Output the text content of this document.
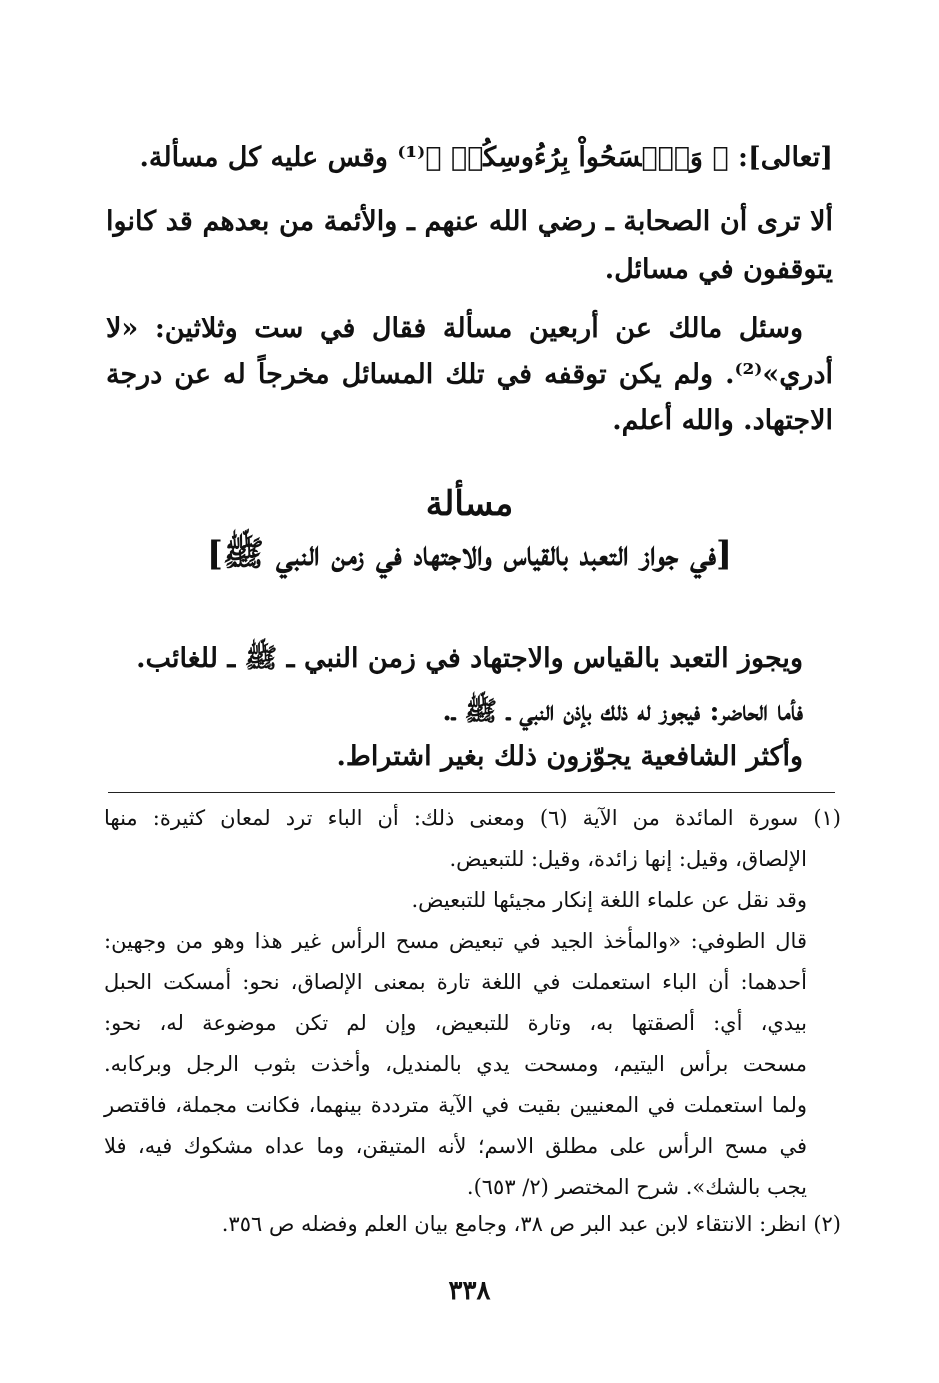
[تعالى]: ﴿ وَٱمۡسَحُواْ بِرُءُوسِكُمۡ ﴾⁽¹⁾ وقس عليه كل مسألة.
ألا ترى أن الصحابة ـ رضي الله عنهم ـ والأئمة من بعدهم قد كانوا
يتوقفون في مسائل.
وسئل مالك عن أربعين مسألة فقال في ست وثلاثين: «لا
أدري»⁽²⁾. ولم يكن توقفه في تلك المسائل مخرجاً له عن درجة
الاجتهاد. والله أعلم.
مسألة
[في جواز التعبد بالقياس والاجتهاد في زمن النبي ﷺ]
ويجوز التعبد بالقياس والاجتهاد في زمن النبي ـ ﷺ ـ للغائب.
فأما الحاضر: فيجوز له ذلك بإذن النبي ـ ﷺ ـ.
وأكثر الشافعية يجوّزون ذلك بغير اشتراط.
(١) سورة المائدة من الآية (٦) ومعنى ذلك: أن الباء ترد لمعان كثيرة: منها
الإلصاق، وقيل: إنها زائدة، وقيل: للتبعيض.
وقد نقل عن علماء اللغة إنكار مجيئها للتبعيض.
قال الطوفي: «والمأخذ الجيد في تبعيض مسح الرأس غير هذا وهو من وجهين:
أحدهما: أن الباء استعملت في اللغة تارة بمعنى الإلصاق، نحو: أمسكت الحبل
بيدي، أي: ألصقتها به، وتارة للتبعيض، وإن لم تكن موضوعة له، نحو:
مسحت برأس اليتيم، ومسحت يدي بالمنديل، وأخذت بثوب الرجل وبركابه.
ولما استعملت في المعنيين بقيت في الآية مترددة بينهما، فكانت مجملة، فاقتصر
في مسح الرأس على مطلق الاسم؛ لأنه المتيقن، وما عداه مشكوك فيه، فلا
يجب بالشك». شرح المختصر (٢/ ٦٥٣).
(٢) انظر: الانتقاء لابن عبد البر ص ٣٨، وجامع بيان العلم وفضله ص ٣٥٦.
٣٣٨
